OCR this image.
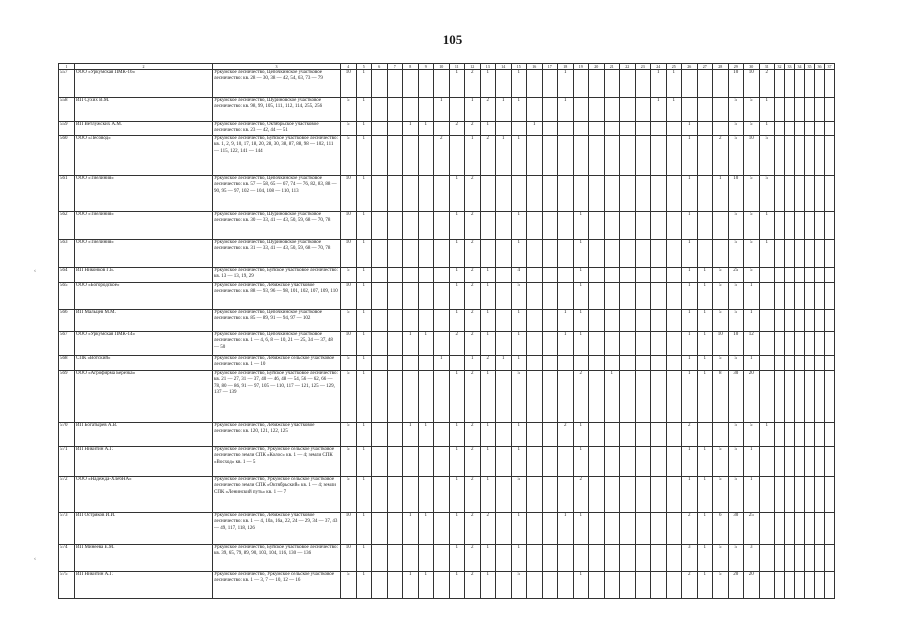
105
‹
‹
1	2	3	4	5	6	7	8	9	10	11	12	13	14	15	16	17	18	19	20	21	22	23	24	25	26	27	28	29	30	31	32	33	34	35	36	37
557	ООО «Уркумская ПМК-16»	Уркумское лесничество, Цепочкинское участковое лесничество: кв. 28 — 30, 38 — 42, 54, 63, 73 — 79	10	1						1	2	1		1			1						1	1				10	10	2						
558	ИП Сухих В.М.	Уркумское лесничество, Шуриновское участковое лесничество: кв. 98, 99, 105, 111, 112, 114, 255, 256	5	1					1		1	2	1	1			1						1	1				5	5	1						
559	ИП Ветлужских А.М.	Уркумское лесничество, Октябрьское участковое лесничество: кв. 23 — 42, 44 — 51	5	1			1	1		2	2	1			1										1			5	5	1						
560	ООО «Лесовод»	Уркумское лесничество, Буйское участковое лесничество: кв. 1, 2, 9, 10, 17, 18, 20, 28, 30, 38, 87, 88, 98 — 102, 111 — 115, 122, 141 — 144	5	1					2		1	2	1	1											1		2	5	10	5						
561	ООО «Тиелиния»	Уркумское лесничество, Цепочкинское участковое лесничество: кв. 57 — 58, 65 — 67, 74 — 76, 82, 83, 88 — 90, 95 — 97, 102 — 104, 108 — 110, 113	10	1						1	2														1		1	10	5	5						
562	ООО «Тиелиния»	Уркумское лесничество, Шуриновское участковое лесничество: кв. 30 — 33, 41 — 43, 50, 59, 68 — 70, 78	10	1						1	2			1				1							1			5	5	1						
563	ООО «Тиелиния»	Уркумское лесничество, Шуриновское участковое лесничество: кв. 31 — 33, 41 — 43, 50, 59, 68 — 70, 78	10	1						1	2			1				1							1			5	5	1						
564	ИП Никонков Г.Б.	Уркумское лесничество, Буйское участковое лесничество: кв. 13 — 13, 19, 29	5	1						1	2	1		4				1							1	1	5	25	5							
565	ООО «Богородское»	Уркумское лесничество, Лебяжское участковое лесничество: кв. 88 — 93, 96 — 98, 101, 102, 107, 109, 110	10	1						1	2	1		5				1							1	1	5	5	1							
566	ИП Мальцев М.М.	Уркумское лесничество, Цепочкинское участковое лесничество: кв. 85 — 89, 91 — 94, 97 — 102	5	1						1	2	1		1			1	1							1	1	5	5	1							
567	ООО «Уркумская ПМК-14»	Уркумское лесничество, Цепочкинское участковое лесничество: кв. 1 — 4, 6, 8 — 10, 21 — 25, 34 — 37, 48 — 50	10	1			1	1		2	2	1		1			1	1							1	1	10	10	12							
568	СПК «Вотский»	Уркумское лесничество, Лебяжское сельское участковое лесничество: кв. 1 — 10	5	1					1		1	2	1	1											1	1	5	5	1							
569	ООО «Агрофирма Березка»	Уркумское лесничество, Буйское участковое лесничество: кв. 21 — 27, 31 — 37, 40 — 46, 48 — 54, 56 — 62, 66 — 78, 80 — 86, 91 — 97, 105 — 110, 117 — 121, 125 — 129, 137 — 139	5	1						1	2	1		5				2		1					1	1	8	30	20							
570	ИП Богатырев А.В.	Уркумское лесничество, Лебяжское участковое лесничество: кв. 120, 121, 122, 125	5	1			1	1		1	2	1		1			2	1							2			5	5	1						
571	ИП Никитин А.Г.	Уркумское лесничество, Уркумское сельское участковое лесничество земли СПК «Колос» кв. 1 — 4; земли СПК «Восход» кв. 1 — 5	5	1						1	2	1		1				1							1	1	5	5	1							
572	ООО «Надежда-ХлебНА»	Уркумское лесничество, Уркумское сельское участковое лесничество земли СПК «Октябрьский» кв. 1 — 4; земли СПК «Ленинский путь» кв. 1 — 7	5	1						1	2	1		5				2							1	1	5	5	1							
573	ИП Остряков И.И.	Уркумское лесничество, Лебяжское участковое лесничество: кв. 1 — 4, 10а, 16а, 22, 24 — 29, 34 — 37, 43 — 49, 117, 118, 126	10	1			1	1		1	2	2		1			1	1							2	1	6	30	25							
574	ИП Минеева Е.М.	Уркумское лесничество, Буйское участковое лесничество: кв. 39, 65, 79, 89, 90, 103, 104, 116, 130 — 136	10	1						1	2	1		1											3	1	5	5	3							
575	ИП Никитин А.Г.	Уркумское лесничество, Уркумское сельское участковое лесничество: кв. 1 — 3, 7 — 10, 12 — 16	5	1			1	1		1	2	1		5				1							2	1	5	20	20							
